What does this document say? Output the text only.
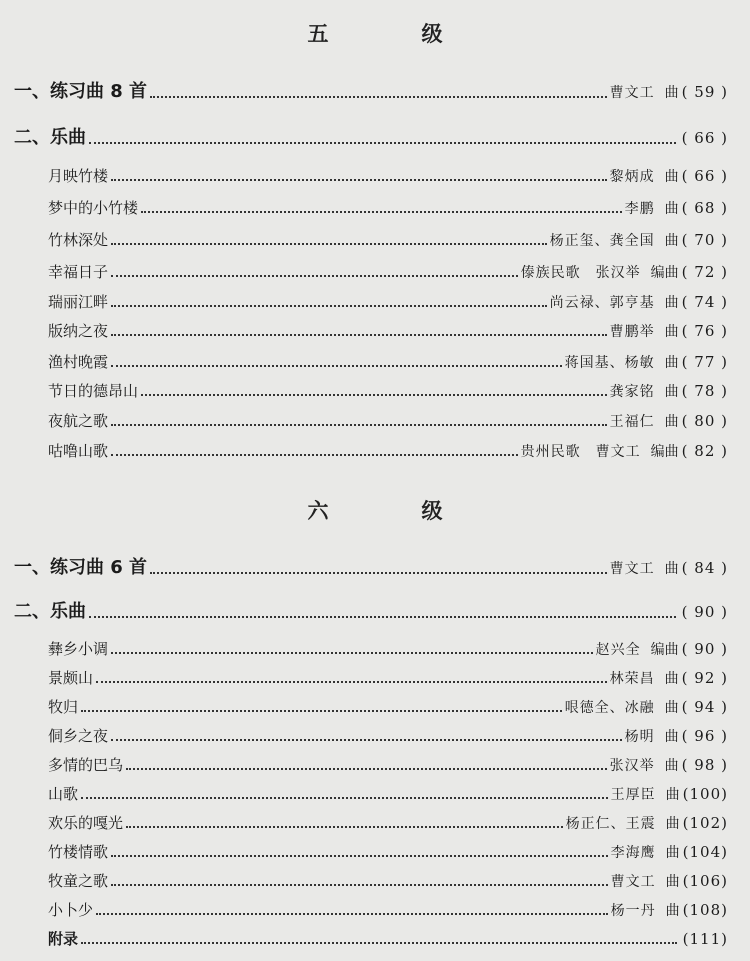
五　级
一、练习曲 8 首	曹文工 曲 ( 59 )
二、乐曲	( 66 )
月映竹楼	黎炳成 曲 ( 66 )
梦中的小竹楼	李鹏 曲 ( 68 )
竹林深处	杨正玺、龚全国 曲 ( 70 )
幸福日子	傣族民歌　张汉举 编曲 ( 72 )
瑞丽江畔	尚云禄、郭亨基 曲 ( 74 )
版纳之夜	曹鹏举 曲 ( 76 )
渔村晚霞	蒋国基、杨敏 曲 ( 77 )
节日的德昂山	龚家铭 曲 ( 78 )
夜航之歌	王福仁 曲 ( 80 )
咕噜山歌	贵州民歌　曹文工 编曲 ( 82 )
六　级
一、练习曲 6 首	曹文工 曲 ( 84 )
二、乐曲	( 90 )
彝乡小调	赵兴全 编曲 ( 90 )
景颇山	林荣昌 曲 ( 92 )
牧归	哏德全、冰融 曲 ( 94 )
侗乡之夜	杨明 曲 ( 96 )
多情的巴乌	张汉举 曲 ( 98 )
山歌	王厚臣 曲 (100)
欢乐的嘎光	杨正仁、王震 曲 (102)
竹楼情歌	李海鹰 曲 (104)
牧童之歌	曹文工 曲 (106)
小卜少	杨一丹 曲 (108)
附录	(111)
